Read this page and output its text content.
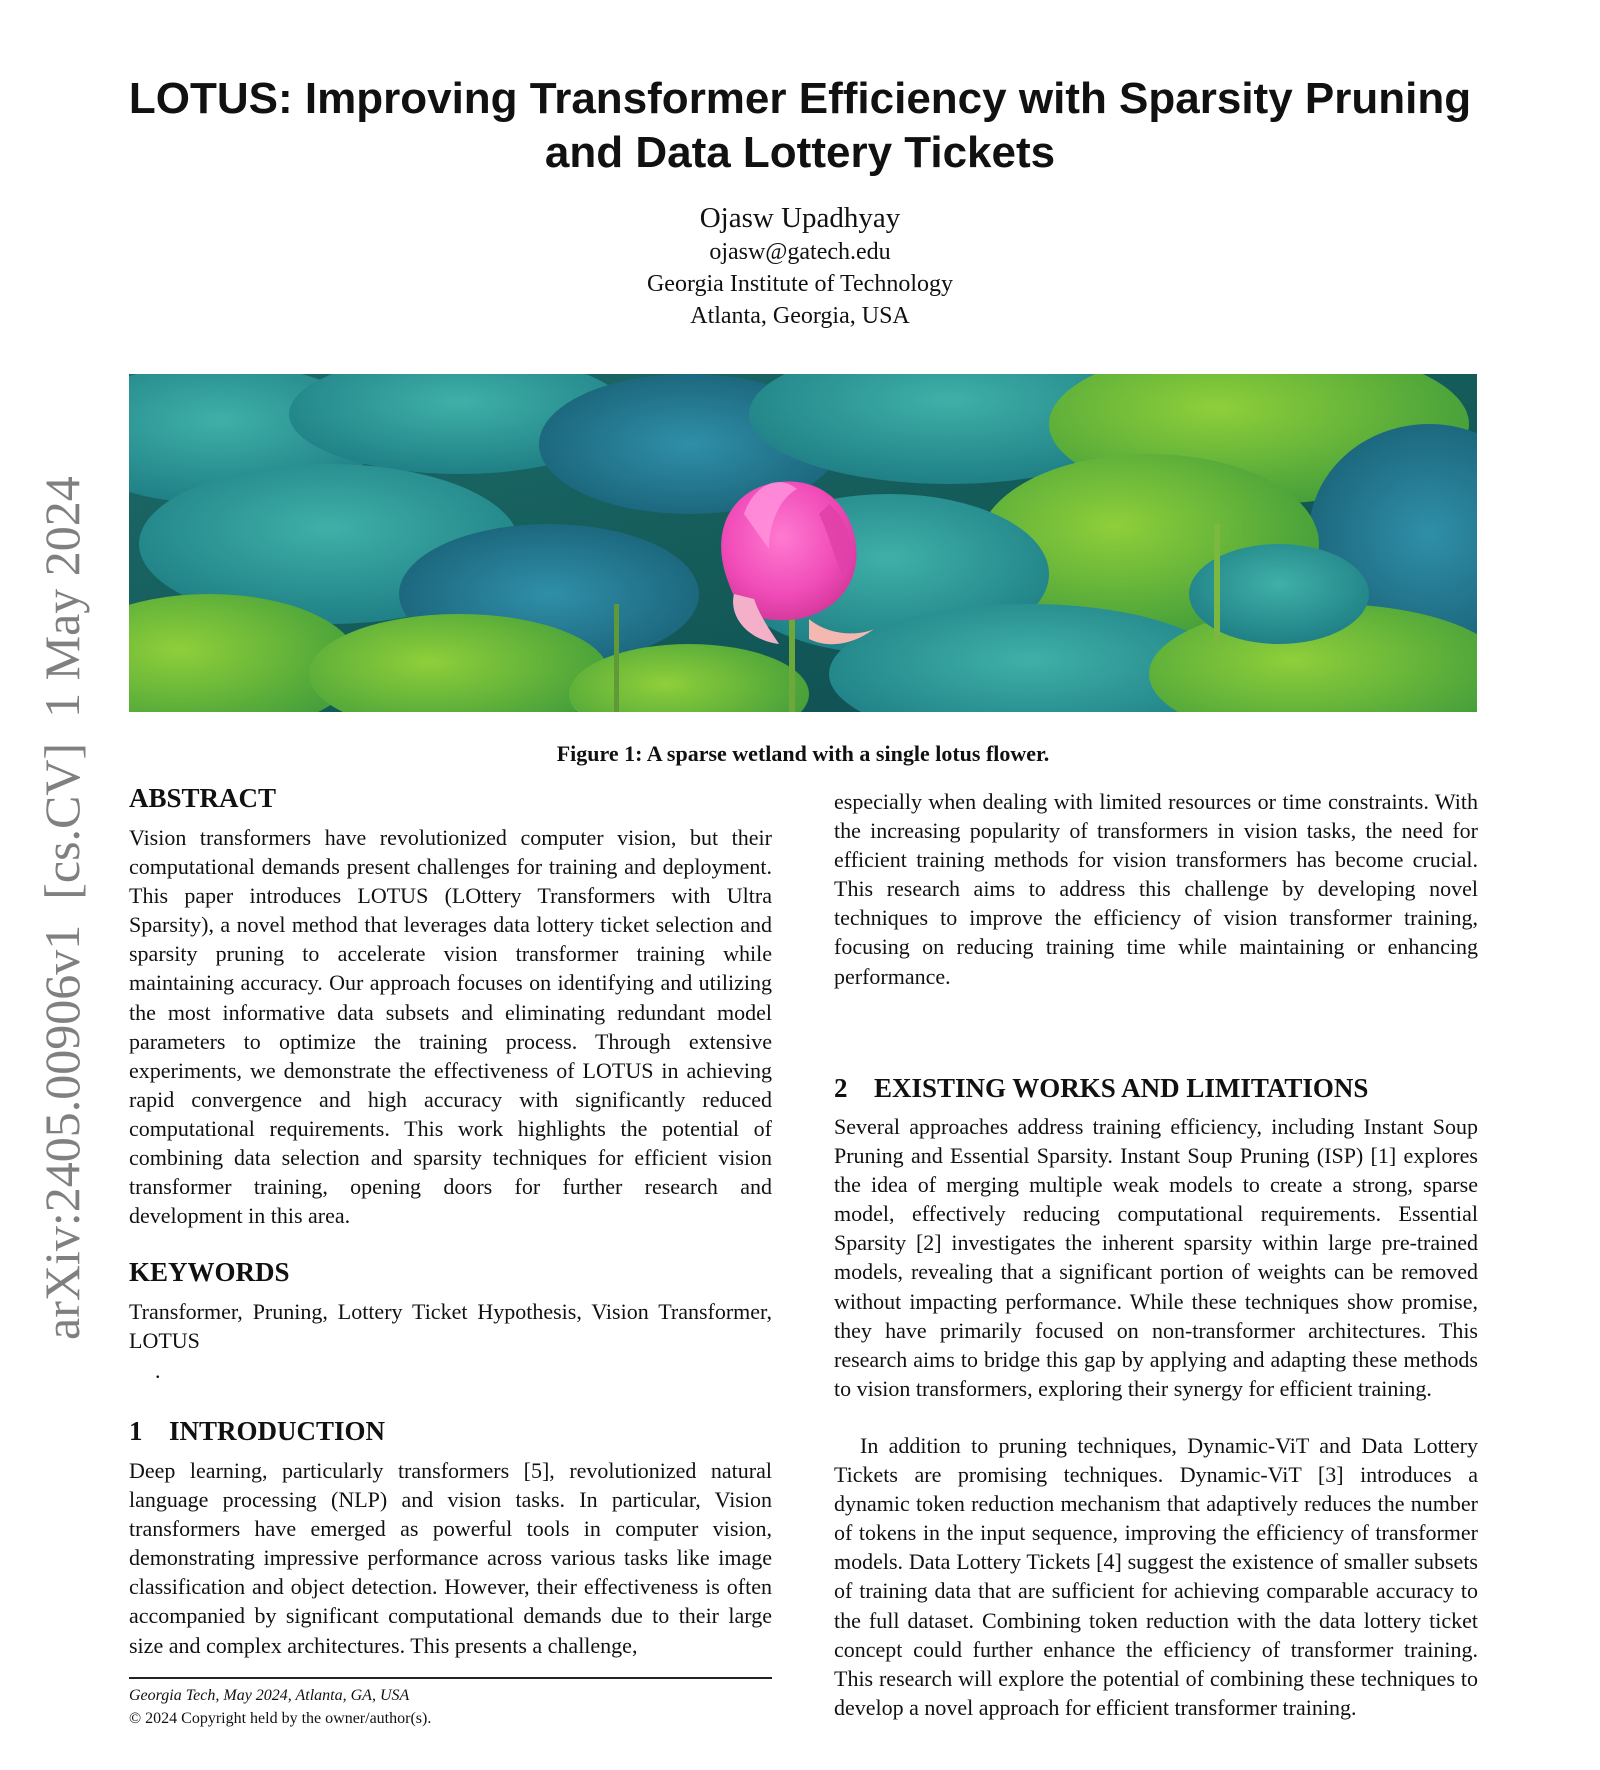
LOTUS: Improving Transformer Efficiency with Sparsity Pruning and Data Lottery Tickets
Ojasw Upadhyay
ojasw@gatech.edu
Georgia Institute of Technology
Atlanta, Georgia, USA
arXiv:2405.00906v1  [cs.CV]  1 May 2024	Figure 1: A sparse wetland with a single lotus flower.
ABSTRACT

Vision transformers have revolutionized computer vision, but their computational demands present challenges for training and deployment. This paper introduces LOTUS (LOttery Transformers with Ultra Sparsity), a novel method that leverages data lottery ticket selection and sparsity pruning to accelerate vision transformer training while maintaining accuracy. Our approach focuses on identifying and utilizing the most informative data subsets and eliminating redundant model parameters to optimize the training process. Through extensive experiments, we demonstrate the effectiveness of LOTUS in achieving rapid convergence and high accuracy with significantly reduced computational requirements. This work highlights the potential of combining data selection and sparsity techniques for efficient vision transformer training, opening doors for further research and development in this area.

KEYWORDS

Transformer, Pruning, Lottery Ticket Hypothesis, Vision Transformer, LOTUS

.
1 INTRODUCTION

Deep learning, particularly transformers [5], revolutionized natural language processing (NLP) and vision tasks. In particular, Vision transformers have emerged as powerful tools in computer vision, demonstrating impressive performance across various tasks like image classification and object detection. However, their effectiveness is often accompanied by significant computational demands due to their large size and complex architectures. This presents a challenge,

Georgia Tech, May 2024, Atlanta, GA, USA
© 2024 Copyright held by the owner/author(s).

especially when dealing with limited resources or time constraints. With the increasing popularity of transformers in vision tasks, the need for efficient training methods for vision transformers has become crucial. This research aims to address this challenge by developing novel techniques to improve the efficiency of vision transformer training, focusing on reducing training time while maintaining or enhancing performance.

2 EXISTING WORKS AND LIMITATIONS

Several approaches address training efficiency, including Instant Soup Pruning and Essential Sparsity. Instant Soup Pruning (ISP) [1] explores the idea of merging multiple weak models to create a strong, sparse model, effectively reducing computational requirements. Essential Sparsity [2] investigates the inherent sparsity within large pre-trained models, revealing that a significant portion of weights can be removed without impacting performance. While these techniques show promise, they have primarily focused on non-transformer architectures. This research aims to bridge this gap by applying and adapting these methods to vision transformers, exploring their synergy for efficient training.

In addition to pruning techniques, Dynamic-ViT and Data Lottery Tickets are promising techniques. Dynamic-ViT [3] introduces a dynamic token reduction mechanism that adaptively reduces the number of tokens in the input sequence, improving the efficiency of transformer models. Data Lottery Tickets [4] suggest the existence of smaller subsets of training data that are sufficient for achieving comparable accuracy to the full dataset. Combining token reduction with the data lottery ticket concept could further enhance the efficiency of transformer training. This research will explore the potential of combining these techniques to develop a novel approach for efficient transformer training.
